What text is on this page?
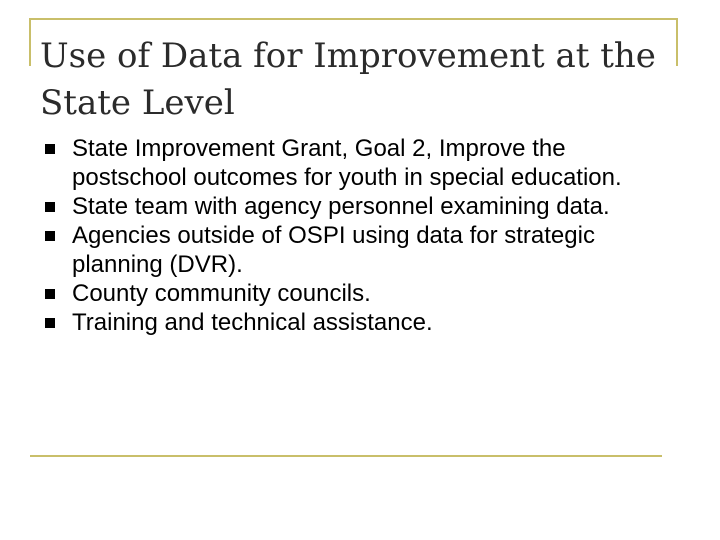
Use of Data for Improvement at the State Level
State Improvement Grant, Goal 2, Improve the postschool outcomes for youth in special education.
State team with agency personnel examining data.
Agencies outside of OSPI using data for strategic planning (DVR).
County community councils.
Training and technical assistance.
